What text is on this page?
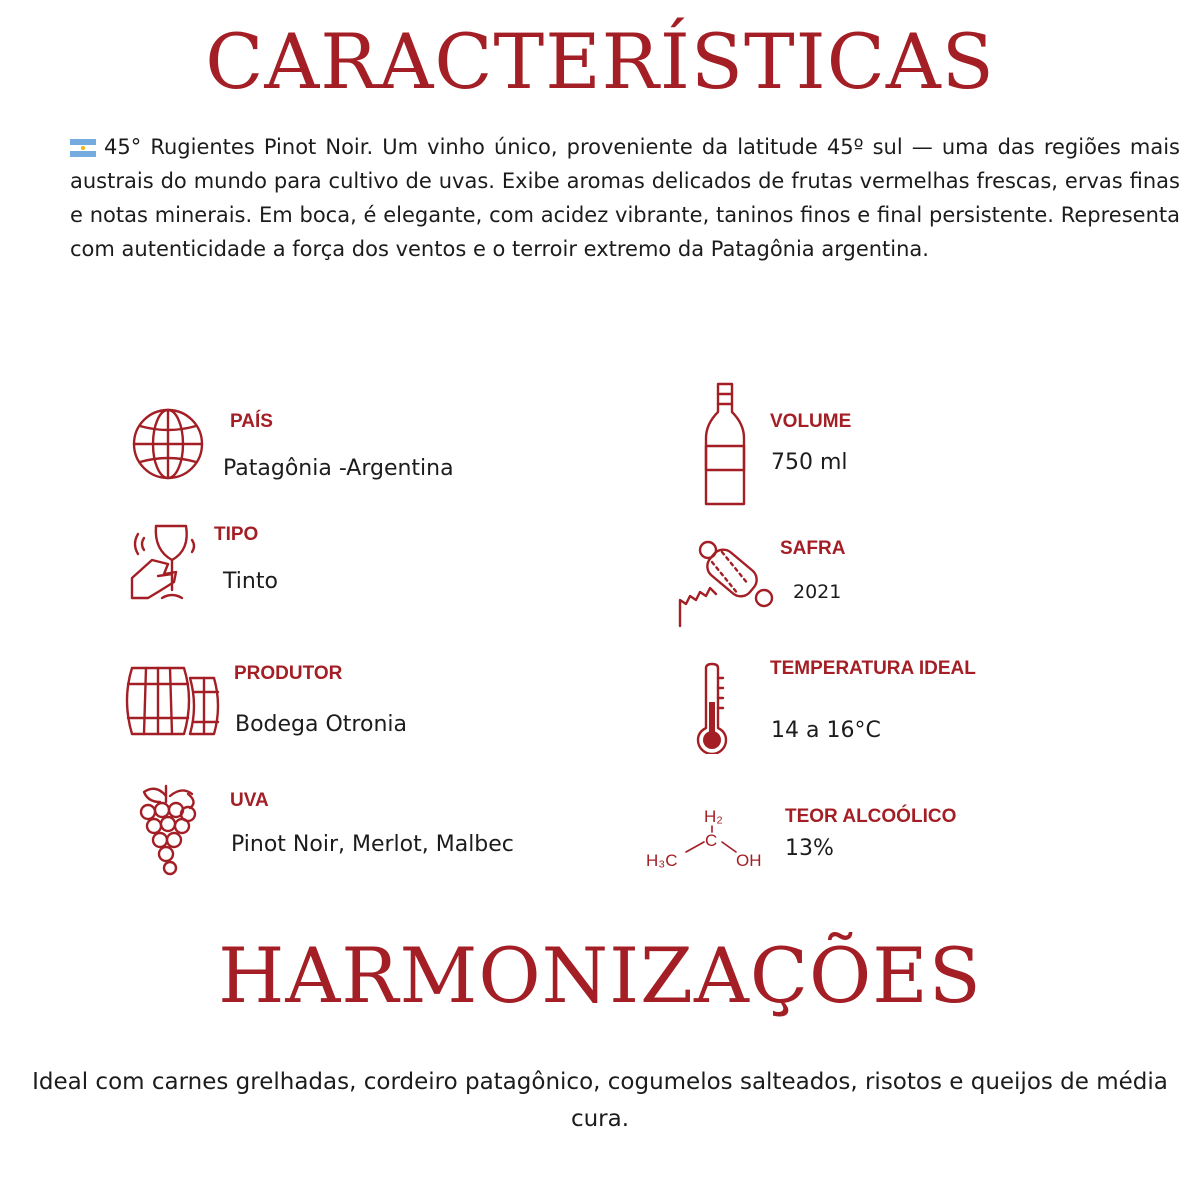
CARACTERÍSTICAS

45° Rugientes Pinot Noir. Um vinho único, proveniente da latitude 45º sul — uma das regiões mais austrais do mundo para cultivo de uvas. Exibe aromas delicados de frutas vermelhas frescas, ervas finas e notas minerais. Em boca, é elegante, com acidez vibrante, taninos finos e final persistente. Representa com autenticidade a força dos ventos e o terroir extremo da Patagônia argentina.

PAÍS
Patagônia -Argentina
TIPO
Tinto
PRODUTOR
Bodega Otronia
UVA
Pinot Noir, Merlot, Malbec
VOLUME
750 ml
SAFRA
2021
TEMPERATURA IDEAL
14 a 16°C
H₂
C
H₃C	OH
TEOR ALCOÓLICO
13%
HARMONIZAÇÕES

Ideal com carnes grelhadas, cordeiro patagônico, cogumelos salteados, risotos e queijos de média cura.
